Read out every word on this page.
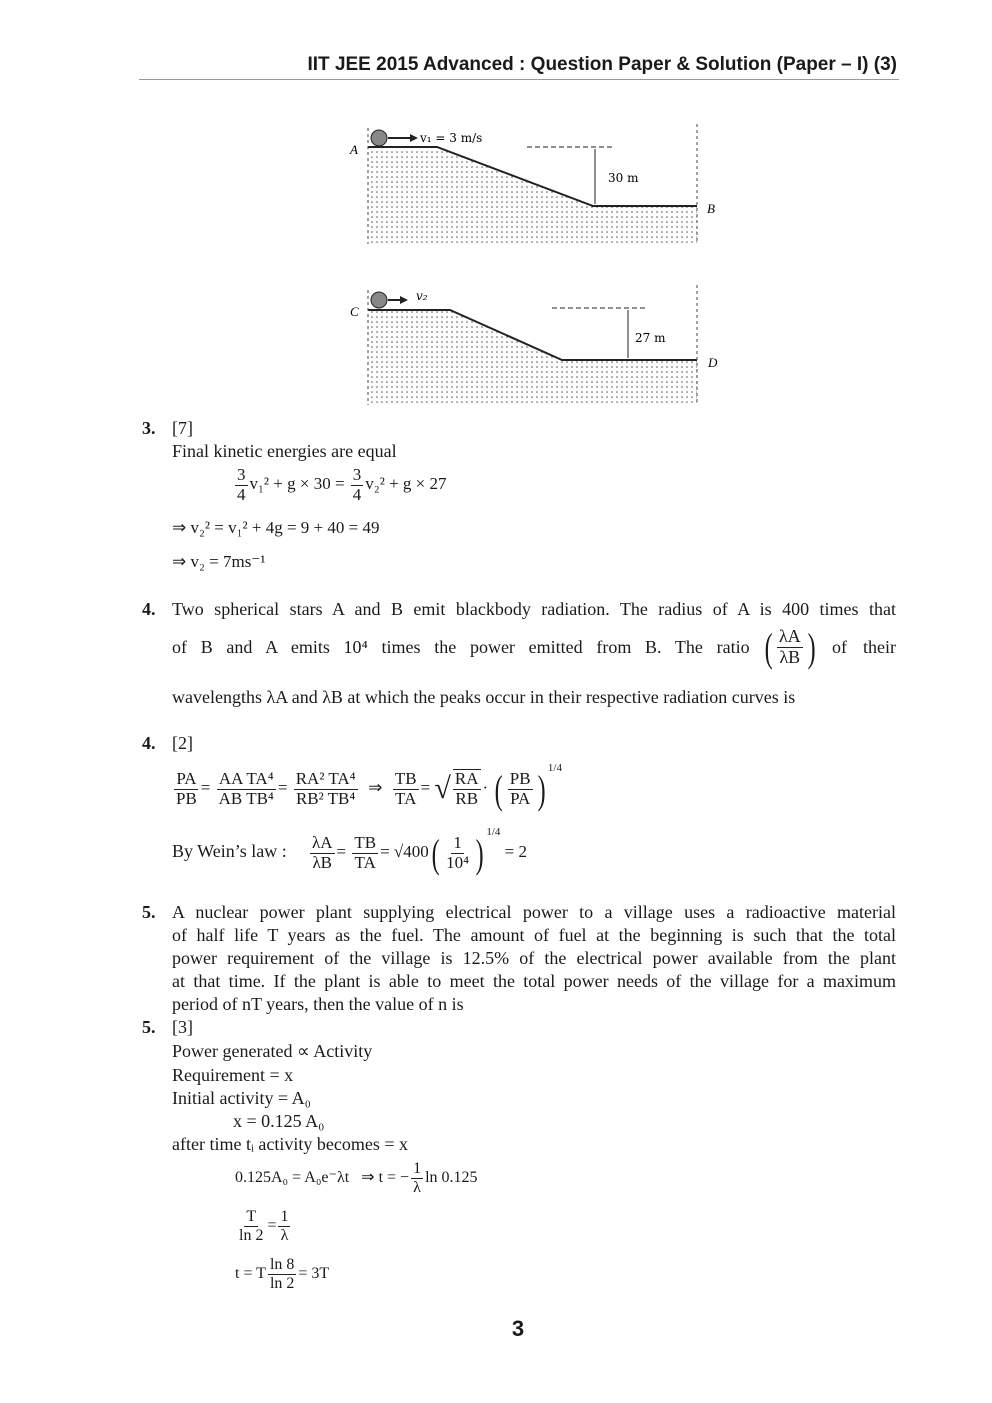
IIT JEE 2015 Advanced : Question Paper & Solution (Paper – I) (3)
v₁ = 3 m/s
A
B
30 m
v₂
C
D
27 m
3. [7]
Final kinetic energies are equal
$\frac{3}{4} v_1^2 + g \times 30 = \frac{3}{4} v_2^2 + g \times 27$
⇒ v₂² = v₁² + 4g = 9 + 40 = 49
⇒ v₂ = 7ms⁻¹
4. Two spherical stars A and B emit blackbody radiation. The radius of A is 400 times that
of B and A emits 10⁴ times the power emitted from B. The ratio ( $\frac{\lambda A}{\lambda B}$ ) of their
wavelengths λA and λB at which the peaks occur in their respective radiation curves is
4. [2]
$\frac{PA}{PB} = \frac{\text{AA TA⁴}}{\text{AB TB⁴}} = \frac{\text{RA² TA⁴}}{\text{RB² TB⁴}}$ ⇒ $\frac{TB}{TA}$ = √ $\frac{RA}{RB}$ · ( $\frac{PB}{PA}$ ) $^{1/4}$
By Wein’s law : $\frac{\lambda A}{\lambda B} = \frac{TB}{TA} = √400( \frac{1}{\text{10⁴}}$ ) $^{1/4}$ = 2
5. A nuclear power plant supplying electrical power to a village uses a radioactive material
of half life T years as the fuel. The amount of fuel at the beginning is such that the total
power requirement of the village is 12.5% of the electrical power available from the plant
at that time. If the plant is able to meet the total power needs of the village for a maximum
period of nT years, then the value of n is
5. [3]
Power generated ∝ Activity
Requirement = x
Initial activity = A₀
x = 0.125 A₀
after time tᵢ activity becomes = x
0.125A₀ = A₀e⁻λt ⇒ t = − $\frac{1}{\lambda}$ ln 0.125
$\frac{T}{\ln 2} = \frac{1}{\lambda}$
t = T $\frac{\ln 8}{\ln 2} = 3T$
3
